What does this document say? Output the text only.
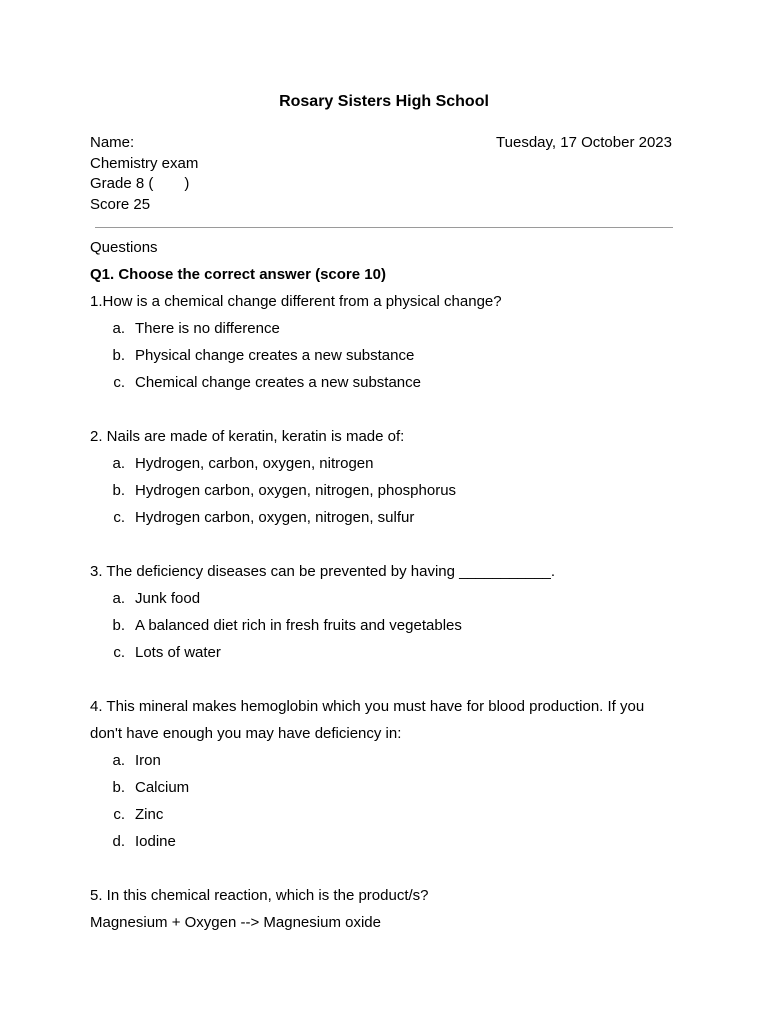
Rosary Sisters High School
Name:	Tuesday, 17 October 2023
Chemistry exam
Grade 8 ( )
Score 25
Questions
Q1. Choose the correct answer (score 10)
1.How is a chemical change different from a physical change?
a. There is no difference
b. Physical change creates a new substance
c. Chemical change creates a new substance
2. Nails are made of keratin, keratin is made of:
a. Hydrogen, carbon, oxygen, nitrogen
b. Hydrogen carbon, oxygen, nitrogen, phosphorus
c. Hydrogen carbon, oxygen, nitrogen, sulfur
3. The deficiency diseases can be prevented by having ___________.
a. Junk food
b. A balanced diet rich in fresh fruits and vegetables
c. Lots of water
4. This mineral makes hemoglobin which you must have for blood production. If you
don't have enough you may have deficiency in:
a. Iron
b. Calcium
c. Zinc
d. Iodine
5. In this chemical reaction, which is the product/s?
Magnesium + Oxygen --> Magnesium oxide
